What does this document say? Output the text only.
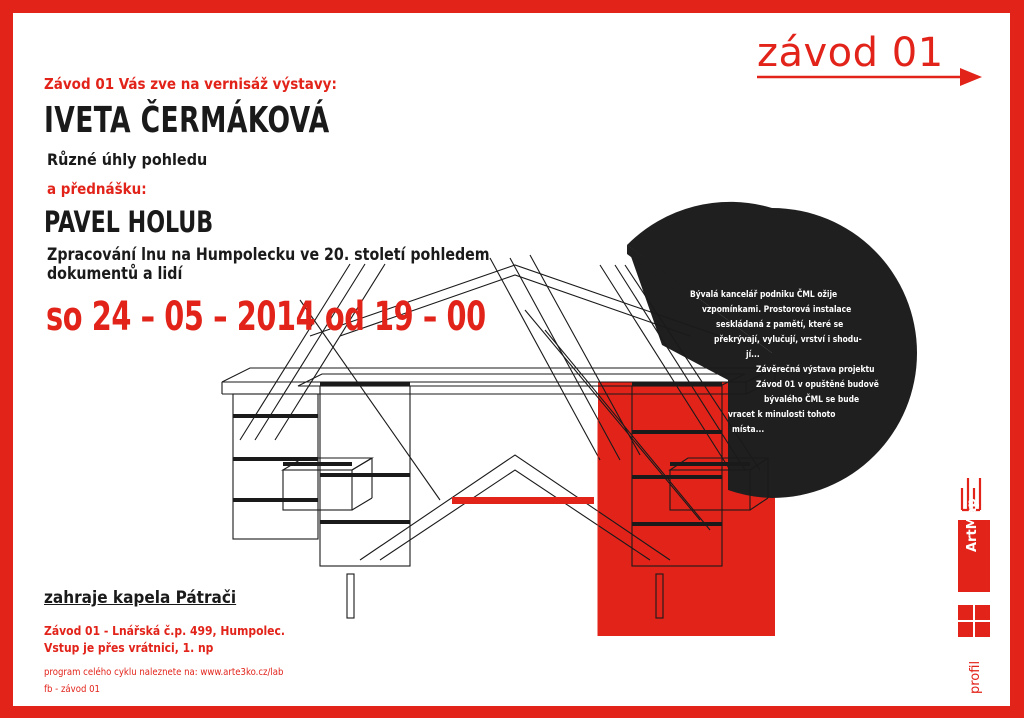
Závod 01 Vás zve na vernisáž výstavy:
IVETA ČERMÁKOVÁ
Různé úhly pohledu
a přednášku:
PAVEL HOLUB
Zpracování lnu na Humpolecku ve 20. století pohledem
dokumentů a lidí
so 24 – 05 – 2014 od 19 – 00
závod 01

Bývalá kancelář podniku ČML ožije

vzpomínkami. Prostorová instalace

seskládaná z pamětí, které se

překrývají, vylučují, vrství i shodu-

jí...

Závěrečná výstava projektu

Závod 01 v opuštěné budově

bývalého ČML se bude

vracet k minulosti tohoto

místa...

zahraje kapela Pátrači
Závod 01 - Lnářská č.p. 499, Humpolec.
Vstup je přes vrátnici, 1. np
program celého cyklu naleznete na: www.arte3ko.cz/lab
fb - závod 01
ArtMap
profil
